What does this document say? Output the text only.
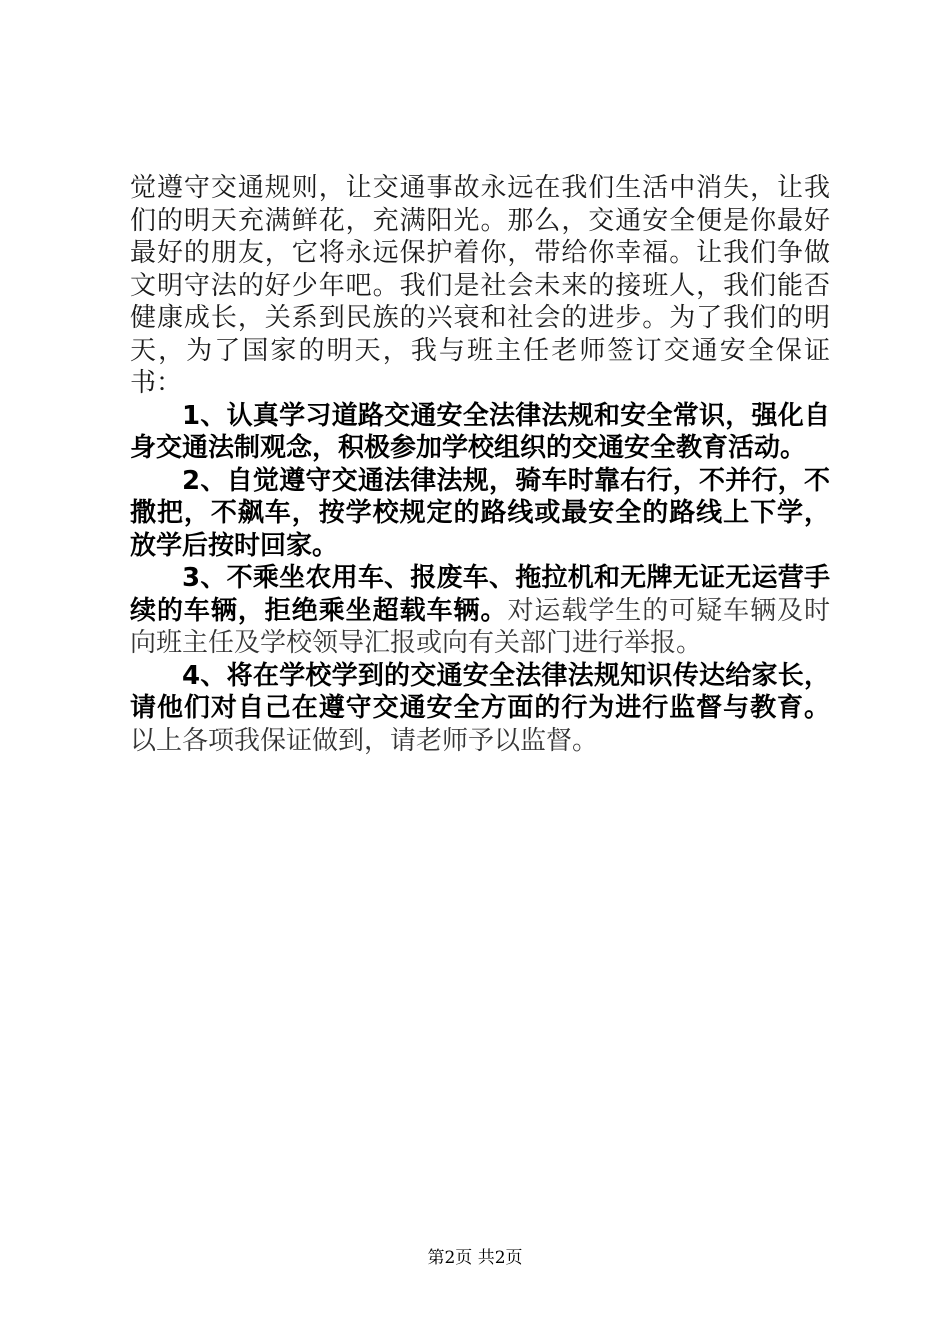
觉遵守交通规则，让交通事故永远在我们生活中消失，让我们的明天充满鲜花，充满阳光。那么，交通安全便是你最好最好的朋友，它将永远保护着你，带给你幸福。让我们争做文明守法的好少年吧。我们是社会未来的接班人，我们能否健康成长，关系到民族的兴衰和社会的进步。为了我们的明天，为了国家的明天，我与班主任老师签订交通安全保证书：

1、认真学习道路交通安全法律法规和安全常识，强化自身交通法制观念，积极参加学校组织的交通安全教育活动。

2、自觉遵守交通法律法规，骑车时靠右行，不并行，不撒把，不飙车，按学校规定的路线或最安全的路线上下学，放学后按时回家。

3、不乘坐农用车、报废车、拖拉机和无牌无证无运营手续的车辆，拒绝乘坐超载车辆。对运载学生的可疑车辆及时向班主任及学校领导汇报或向有关部门进行举报。

4、将在学校学到的交通安全法律法规知识传达给家长，请他们对自己在遵守交通安全方面的行为进行监督与教育。以上各项我保证做到，请老师予以监督。

第2页 共2页
